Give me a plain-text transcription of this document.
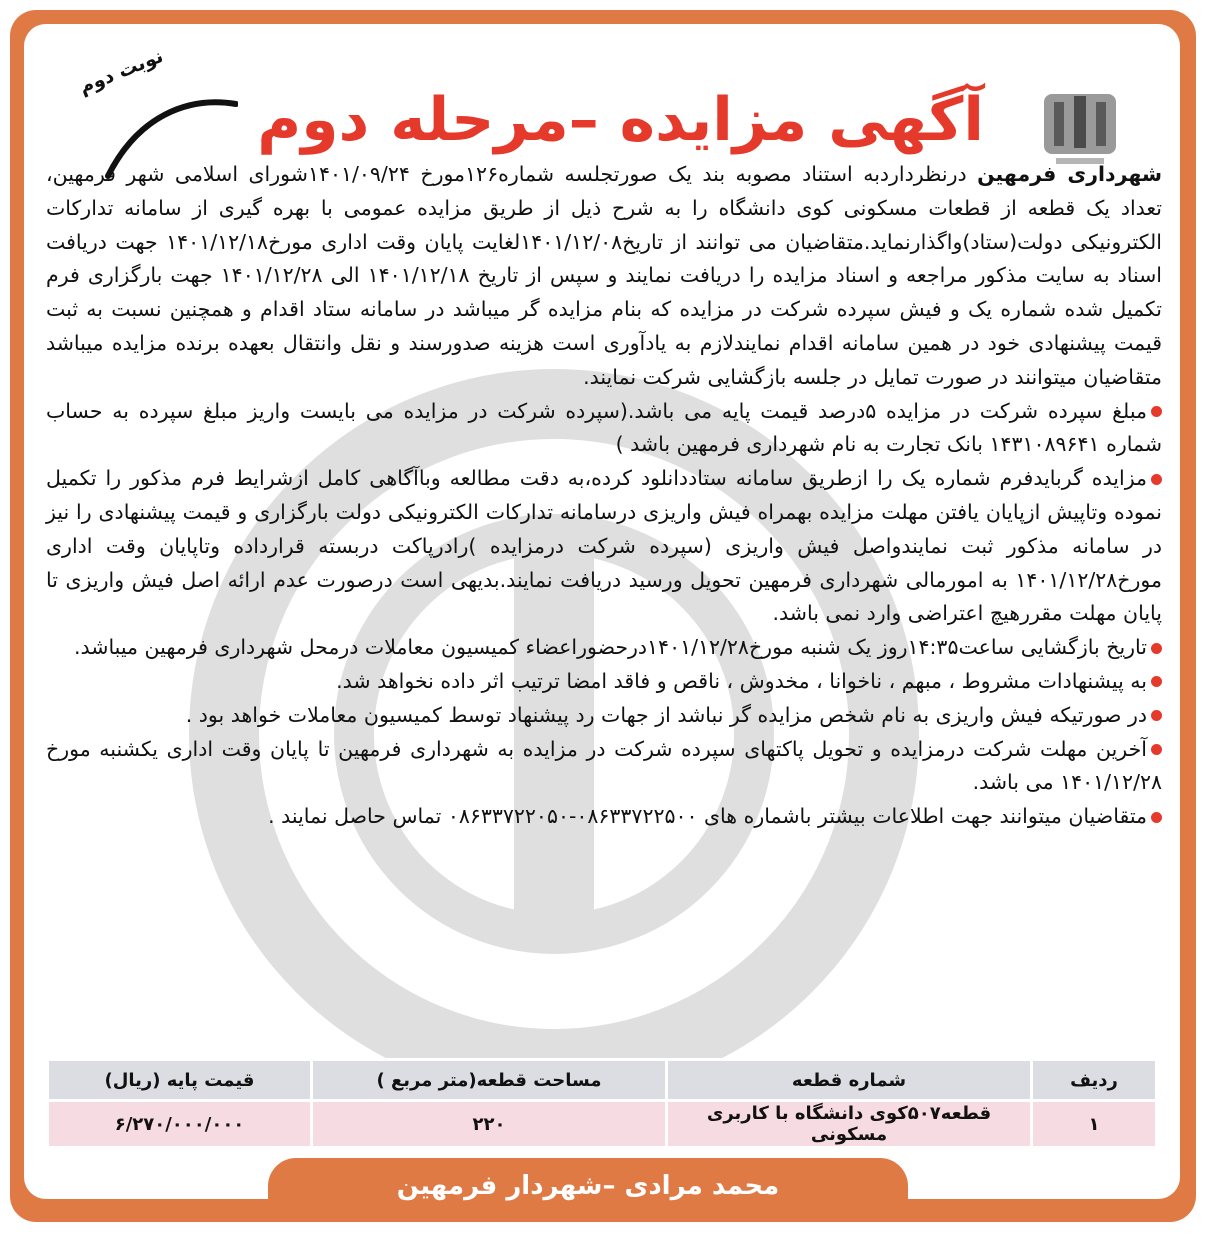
آگهی مزایده –مرحله دوم
نوبت دوم

شهرداری فرمهین درنظرداردبه استناد مصوبه بند یک صورتجلسه شماره۱۲۶مورخ ۱۴۰۱/۰۹/۲۴شورای اسلامی شهر فرمهین، تعداد یک قطعه از قطعات مسکونی کوی دانشگاه را به شرح ذیل از طریق مزایده عمومی با بهره گیری از سامانه تدارکات الکترونیکی دولت(ستاد)واگذارنماید.متقاضیان می توانند از تاریخ۱۴۰۱/۱۲/۰۸لغایت پایان وقت اداری مورخ۱۴۰۱/۱۲/۱۸ جهت دریافت اسناد به سایت مذکور مراجعه و اسناد مزایده را دریافت نمایند و سپس از تاریخ ۱۴۰۱/۱۲/۱۸ الی ۱۴۰۱/۱۲/۲۸ جهت بارگزاری فرم تکمیل شده شماره یک و فیش سپرده شرکت در مزایده که بنام مزایده گر میباشد در سامانه ستاد اقدام و همچنین نسبت به ثبت قیمت پیشنهادی خود در همین سامانه اقدام نمایندلازم به یادآوری است هزینه صدورسند و نقل وانتقال بعهده برنده مزایده میباشد متقاضیان میتوانند در صورت تمایل در جلسه بازگشایی شرکت نمایند.

مبلغ سپرده شرکت در مزایده ۵درصد قیمت پایه می باشد.(سپرده شرکت در مزایده می بایست واریز مبلغ سپرده به حساب شماره ۱۴۳۱۰۸۹۶۴۱ بانک تجارت به نام شهرداری فرمهین باشد )

مزایده گربایدفرم شماره یک را ازطریق سامانه ستاددانلود کرده،به دقت مطالعه وباآگاهی کامل ازشرایط فرم مذکور را تکمیل نموده وتاپیش ازپایان یافتن مهلت مزایده بهمراه فیش واریزی درسامانه تدارکات الکترونیکی دولت بارگزاری و قیمت پیشنهادی را نیز در سامانه مذکور ثبت نمایندواصل فیش واریزی (سپرده شرکت درمزایده )رادرپاکت دربسته قرارداده وتاپایان وقت اداری مورخ۱۴۰۱/۱۲/۲۸ به امورمالی شهرداری فرمهین تحویل ورسید دریافت نمایند.بدیهی است درصورت عدم ارائه اصل فیش واریزی تا پایان مهلت مقررهیچ اعتراضی وارد نمی باشد.

تاریخ بازگشایی ساعت۱۴:۳۵روز یک شنبه مورخ۱۴۰۱/۱۲/۲۸درحضوراعضاء کمیسیون معاملات درمحل شهرداری فرمهین میباشد.

به پیشنهادات مشروط ، مبهم ، ناخوانا ، مخدوش ، ناقص و فاقد امضا ترتیب اثر داده نخواهد شد.

در صورتیکه فیش واریزی به نام شخص مزایده گر نباشد از جهات رد پیشنهاد توسط کمیسیون معاملات خواهد بود .

آخرین مهلت شرکت درمزایده و تحویل پاکتهای سپرده شرکت در مزایده به شهرداری فرمهین تا پایان وقت اداری یکشنبه مورخ ۱۴۰۱/۱۲/۲۸ می باشد.

متقاضیان میتوانند جهت اطلاعات بیشتر باشماره های ۰۸۶۳۳۷۲۲۵۰۰-۰۸۶۳۳۷۲۲۰۵۰ تماس حاصل نمایند .

ردیف	شماره قطعه	مساحت قطعه(متر مربع )	قیمت پایه (ریال)
۱	قطعه۵۰۷کوی دانشگاه با کاربری مسکونی	۲۲۰	۶/۲۷۰/۰۰۰/۰۰۰
محمد مرادی –شهردار فرمهین
